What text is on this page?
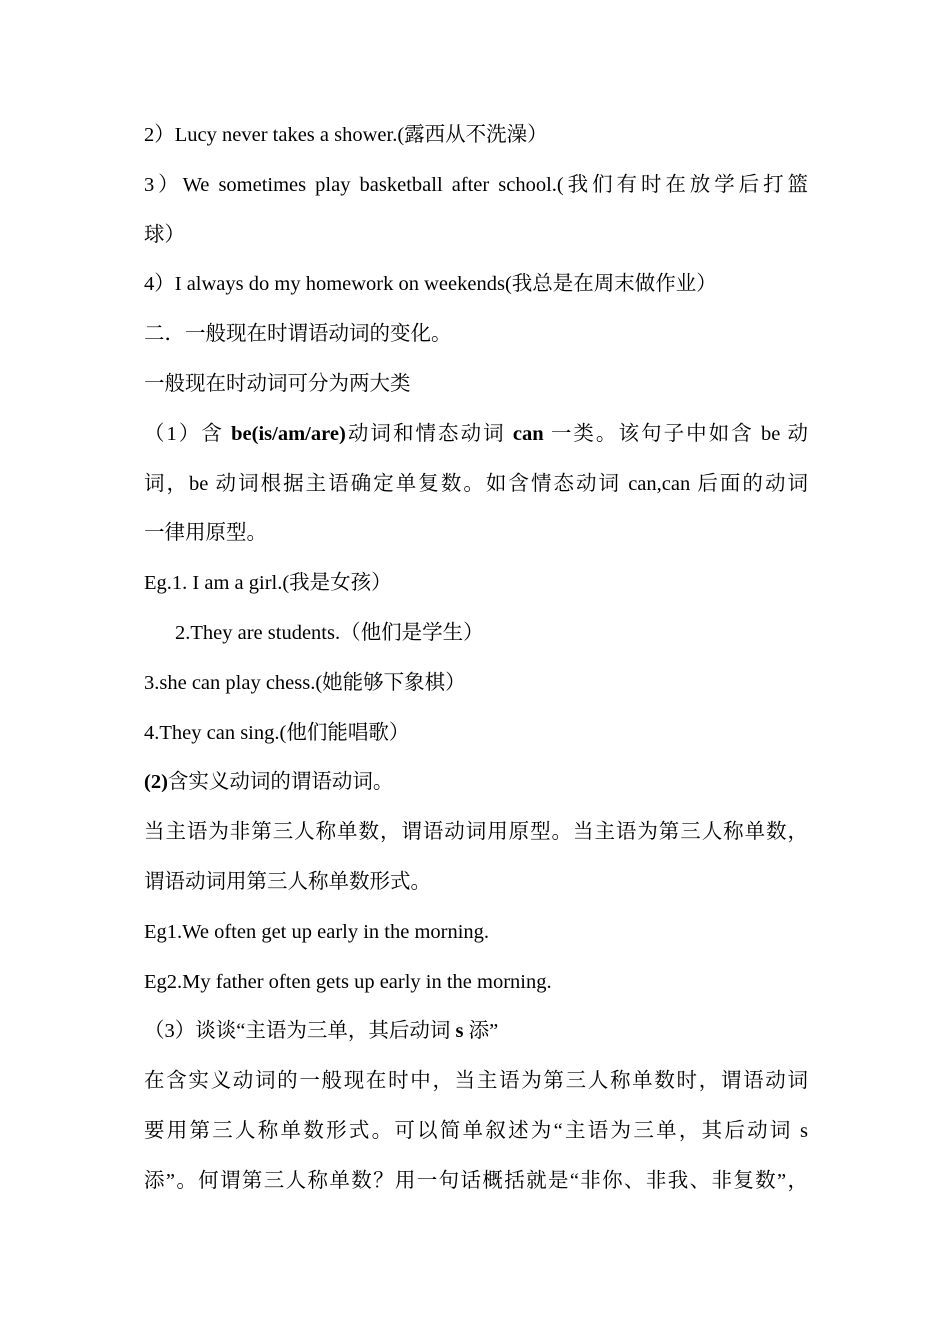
2）Lucy never takes a shower.(露西从不洗澡）
3）We sometimes play basketball after school.(我们有时在放学后打篮
球）
4）I always do my homework on weekends(我总是在周末做作业）
二．一般现在时谓语动词的变化。
一般现在时动词可分为两大类
（1）含 be(is/am/are)动词和情态动词 can 一类。该句子中如含 be 动
词，be 动词根据主语确定单复数。如含情态动词 can,can 后面的动词
一律用原型。
Eg.1. I am a girl.(我是女孩）
2.They are students.（他们是学生）
3.she can play chess.(她能够下象棋）
4.They can sing.(他们能唱歌）
(2)含实义动词的谓语动词。
当主语为非第三人称单数，谓语动词用原型。当主语为第三人称单数，
谓语动词用第三人称单数形式。
Eg1.We often get up early in the morning.
Eg2.My father often gets up early in the morning.
（3）谈谈“主语为三单，其后动词 s 添”
在含实义动词的一般现在时中，当主语为第三人称单数时，谓语动词
要用第三人称单数形式。可以简单叙述为“主语为三单，其后动词 s
添”。何谓第三人称单数？用一句话概括就是“非你、非我、非复数”，
